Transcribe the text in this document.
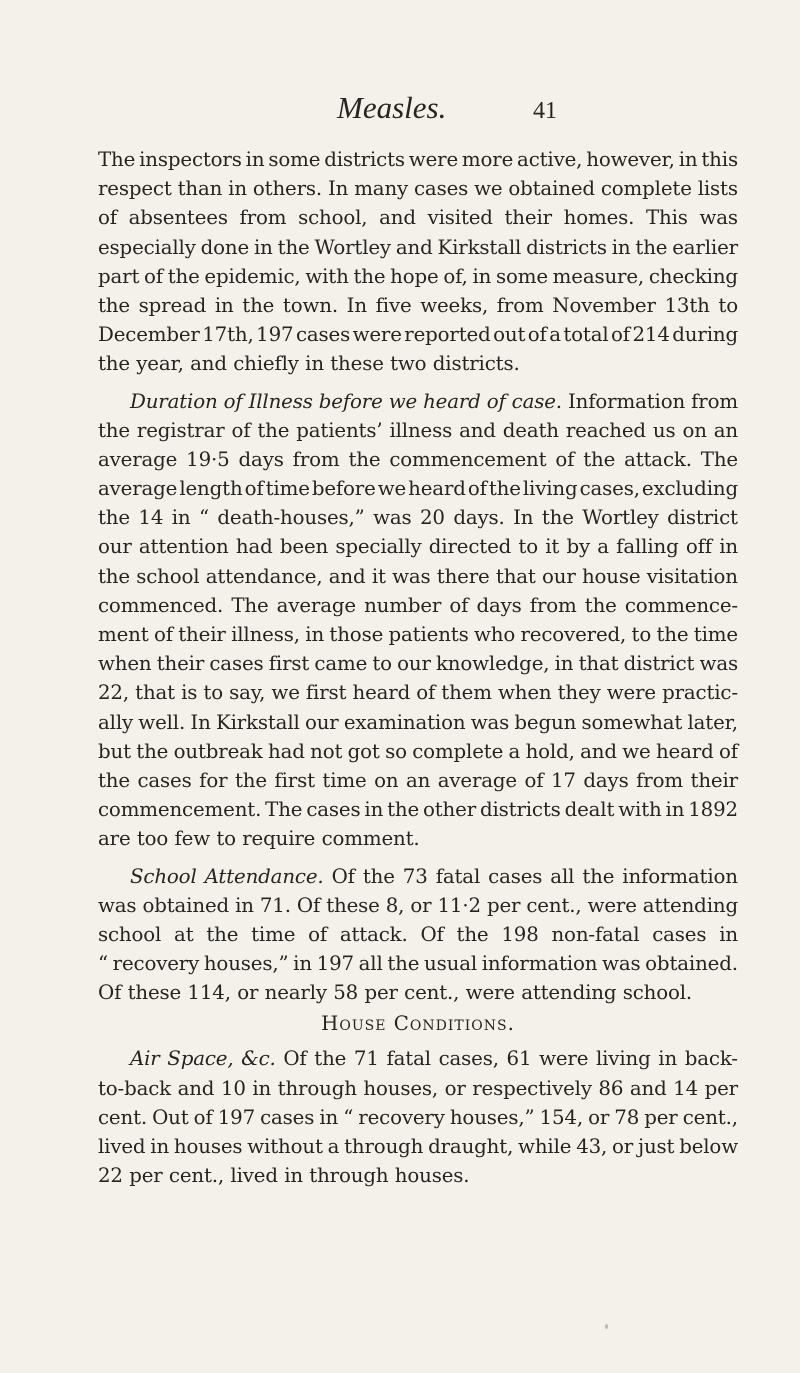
Measles.	41
The inspectors in some districts were more active, however, in this
respect than in others. In many cases we obtained complete lists
of absentees from school, and visited their homes. This was
especially done in the Wortley and Kirkstall districts in the earlier
part of the epidemic, with the hope of, in some measure, checking
the spread in the town. In five weeks, from November 13th to
December 17th, 197 cases were reported out of a total of 214 during
the year, and chiefly in these two districts.
Duration of Illness before we heard of case. Information from
the registrar of the patients’ illness and death reached us on an
average 19·5 days from the commencement of the attack. The
average length of time before we heard of the living cases, excluding
the 14 in “ death-houses,” was 20 days. In the Wortley district
our attention had been specially directed to it by a falling off in
the school attendance, and it was there that our house visitation
commenced. The average number of days from the commence-
ment of their illness, in those patients who recovered, to the time
when their cases first came to our knowledge, in that district was
22, that is to say, we first heard of them when they were practic-
ally well. In Kirkstall our examination was begun somewhat later,
but the outbreak had not got so complete a hold, and we heard of
the cases for the first time on an average of 17 days from their
commencement. The cases in the other districts dealt with in 1892
are too few to require comment.
School Attendance. Of the 73 fatal cases all the information
was obtained in 71. Of these 8, or 11·2 per cent., were attending
school at the time of attack. Of the 198 non-fatal cases in
“ recovery houses,” in 197 all the usual information was obtained.
Of these 114, or nearly 58 per cent., were attending school.
House Conditions.
Air Space, &c. Of the 71 fatal cases, 61 were living in back-
to-back and 10 in through houses, or respectively 86 and 14 per
cent. Out of 197 cases in “ recovery houses,” 154, or 78 per cent.,
lived in houses without a through draught, while 43, or just below
22 per cent., lived in through houses.
